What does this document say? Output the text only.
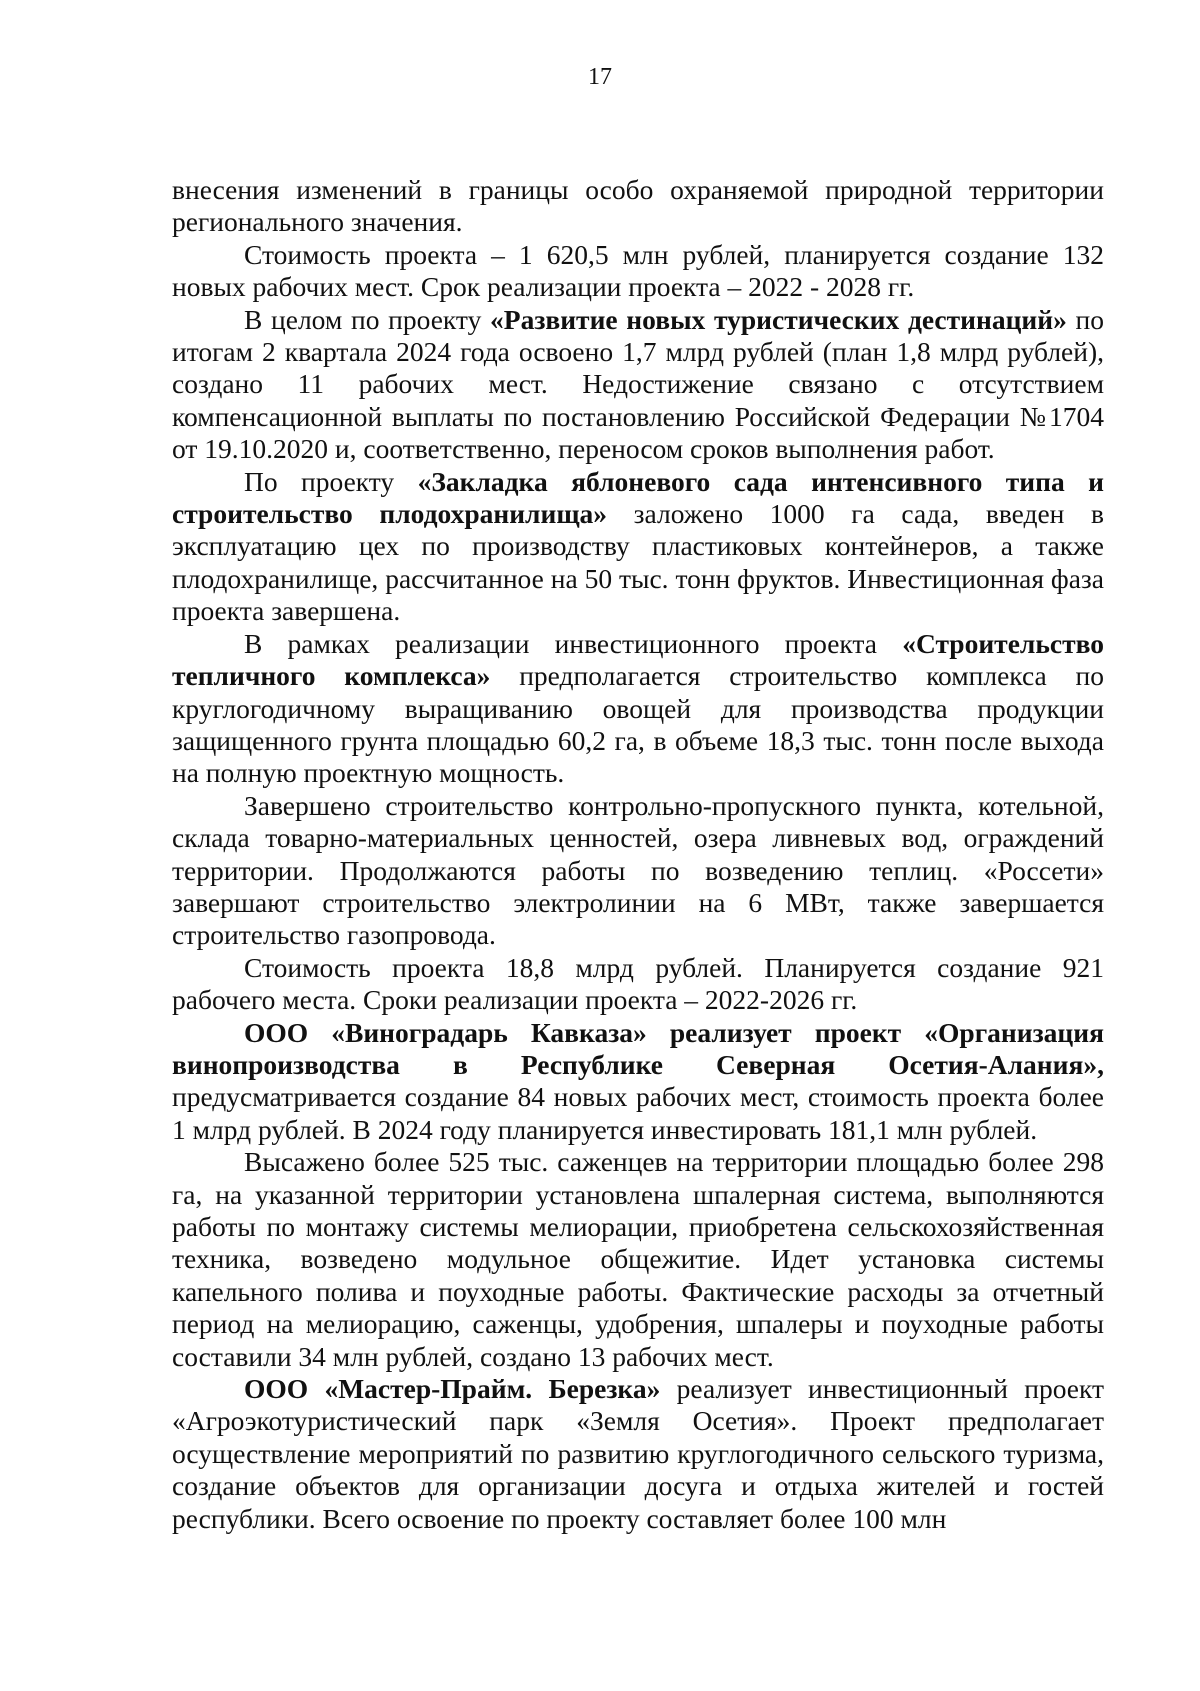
17

внесения изменений в границы особо охраняемой природной территории регионального значения.

Стоимость проекта – 1 620,5 млн рублей, планируется создание 132 новых рабочих мест. Срок реализации проекта – 2022 - 2028 гг.

В целом по проекту «Развитие новых туристических дестинаций» по итогам 2 квартала 2024 года освоено 1,7 млрд рублей (план 1,8 млрд рублей), создано 11 рабочих мест. Недостижение связано с отсутствием компенсационной выплаты по постановлению Российской Федерации №1704 от 19.10.2020 и, соответственно, переносом сроков выполнения работ.

По проекту «Закладка яблоневого сада интенсивного типа и строительство плодохранилища» заложено 1000 га сада, введен в эксплуатацию цех по производству пластиковых контейнеров, а также плодохранилище, рассчитанное на 50 тыс. тонн фруктов. Инвестиционная фаза проекта завершена.

В рамках реализации инвестиционного проекта «Строительство тепличного комплекса» предполагается строительство комплекса по круглогодичному выращиванию овощей для производства продукции защищенного грунта площадью 60,2 га, в объеме 18,3 тыс. тонн после выхода на полную проектную мощность.

Завершено строительство контрольно-пропускного пункта, котельной, склада товарно-материальных ценностей, озера ливневых вод, ограждений территории. Продолжаются работы по возведению теплиц. «Россети» завершают строительство электролинии на 6 МВт, также завершается строительство газопровода.

Стоимость проекта 18,8 млрд рублей. Планируется создание 921 рабочего места. Сроки реализации проекта – 2022-2026 гг.

ООО «Виноградарь Кавказа» реализует проект «Организация винопроизводства в Республике Северная Осетия-Алания», предусматривается создание 84 новых рабочих мест, стоимость проекта более 1 млрд рублей. В 2024 году планируется инвестировать 181,1 млн рублей.

Высажено более 525 тыс. саженцев на территории площадью более 298 га, на указанной территории установлена шпалерная система, выполняются работы по монтажу системы мелиорации, приобретена сельскохозяйственная техника, возведено модульное общежитие. Идет установка системы капельного полива и поуходные работы. Фактические расходы за отчетный период на мелиорацию, саженцы, удобрения, шпалеры и поуходные работы составили 34 млн рублей, создано 13 рабочих мест.

ООО «Мастер-Прайм. Березка» реализует инвестиционный проект «Агроэкотуристический парк «Земля Осетия». Проект предполагает осуществление мероприятий по развитию круглогодичного сельского туризма, создание объектов для организации досуга и отдыха жителей и гостей республики. Всего освоение по проекту составляет более 100 млн
